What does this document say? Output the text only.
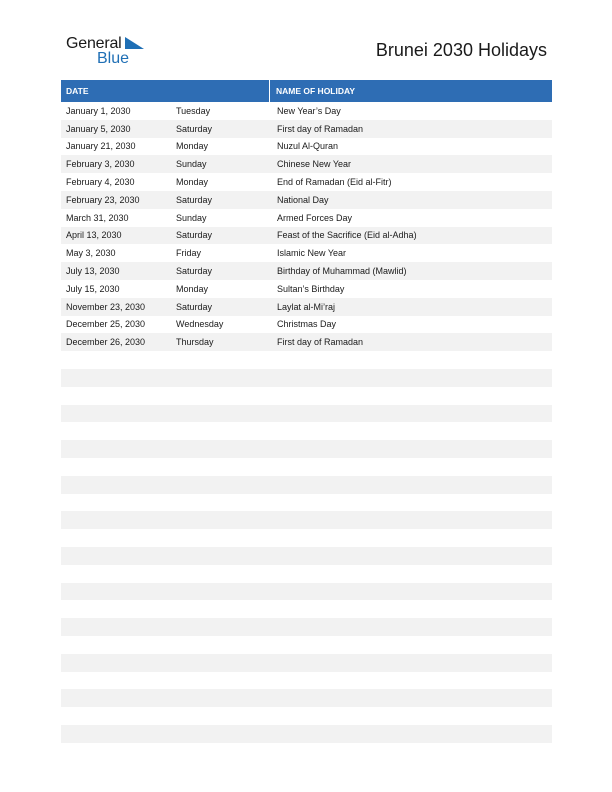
General
Blue	Brunei 2030 Holidays
DATE	NAME OF HOLIDAY
January 1, 2030	Tuesday	New Year’s Day
January 5, 2030	Saturday	First day of Ramadan
January 21, 2030	Monday	Nuzul Al-Quran
February 3, 2030	Sunday	Chinese New Year
February 4, 2030	Monday	End of Ramadan (Eid al-Fitr)
February 23, 2030	Saturday	National Day
March 31, 2030	Sunday	Armed Forces Day
April 13, 2030	Saturday	Feast of the Sacrifice (Eid al-Adha)
May 3, 2030	Friday	Islamic New Year
July 13, 2030	Saturday	Birthday of Muhammad (Mawlid)
July 15, 2030	Monday	Sultan’s Birthday
November 23, 2030	Saturday	Laylat al-Mi’raj
December 25, 2030	Wednesday	Christmas Day
December 26, 2030	Thursday	First day of Ramadan
